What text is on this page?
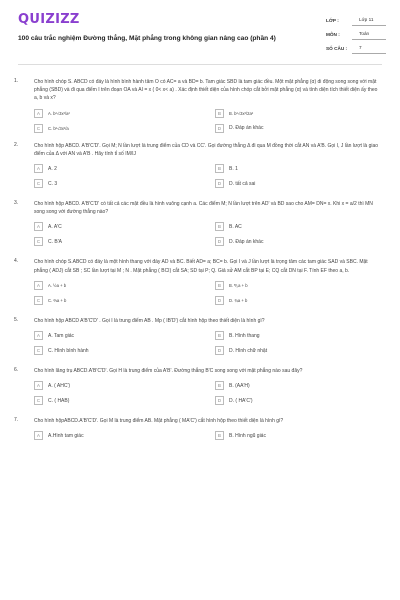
QUIZIZZ
100 câu trắc nghiệm Đường thẳng, Mặt phẳng trong không gian nâng cao (phần 4)
LỚP :	Lớp 11
MÔN :	Toán
SỐ CÂU :	7
1.	Cho hình chóp S. ABCD có đáy là hình bình hành tâm O có AC= a và BD= b. Tam giác SBD là tam giác đều. Một mặt phẳng (α) di động song song với mặt phẳng (SBD) và đi qua điểm I trên đoạn OA và AI = x ( 0< x< a) . Xác định thiết diện của hình chóp cắt bởi mặt phẳng (α) và tính diện tích thiết diện ấy theo a, b và x?
A	A. b²√3x²/a²	B	B. b²√3x²/2a²
C	C. b²√3x²/a	D	D. Đáp án khác
2.	Cho hình hộp ABCD. A'B'C'D'. Gọi M; N lần lượt là trung điểm của CD và CC'. Gọi đường thẳng Δ đi qua M đồng thời cắt AN và A'B. Gọi I, J lần lượt là giao điểm của Δ với AN và A'B . Hãy tính tỉ số IM/IJ
A	A. 2	B	B. 1
C	C. 3	D	D. tất cả sai
3.	Cho hình hộp ABCD. A'B'C'D' có tất cả các mặt đều là hình vuông cạnh a. Các điểm M; N lần lượt trên AD' và BD sao cho AM= DN= x. Khi x = a/2 thì MN song song với đường thẳng nào?
A	A. A'C	B	B. AC
C	C. B'A	D	D. Đáp án khác
4.	Cho hình chóp S.ABCD có đáy là một hình thang với đáy AD và BC. Biết AD= a; BC= b. Gọi I và J lần lượt là trọng tâm các tam giác SAD và SBC. Mặt phẳng ( ADJ) cắt SB ; SC lần lượt tại M ; N . Mặt phẳng ( BCI) cắt SA; SD tại P; Q. Giả sử AM cắt BP tại E; CQ cắt DN tại F. Tính EF theo a, b.
A	A. ½a + b	B	B. ⅗a + b
C	C. ⅔a + b	D	D. ¾a + b
5.	Cho hình hộp ABCD A'B'C'D' . Gọi I là trung điểm AB . Mp ( IB'D') cắt hình hộp theo thiết diện là hình gì?
A	A. Tam giác	B	B. Hình thang
C	C. Hình bình hành	D	D. Hình chữ nhật
6.	Cho hình lăng trụ ABCD.A'B'C'D'. Gọi H là trung điểm của A'B'. Đường thẳng B'C song song với mặt phẳng nào sau đây?
A	A. ( AHC')	B	B. (AA'H)
C	C. ( HAB)	D	D. ( HA'C')
7.	Cho hình hộpABCD.A'B'C'D'. Gọi M là trung điểm AB. Mặt phẳng ( MA'C') cắt hình hộp theo thiết diện là hình gì?
A	A.Hình tam giác	B	B. Hình ngũ giác
